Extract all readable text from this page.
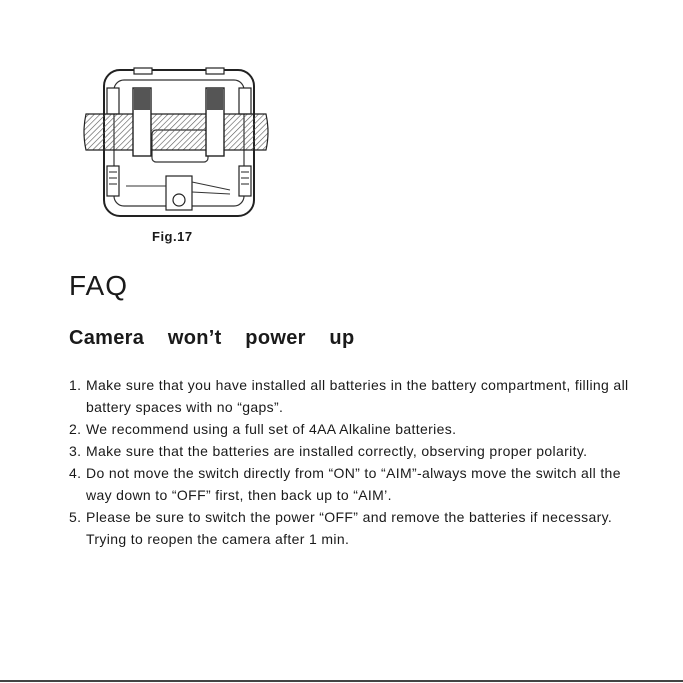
Fig.17

FAQ
Camera  won’t  power  up
1. Make sure that you have installed all batteries in the battery compartment, filling all battery spaces with no “gaps”.
2. We recommend using a full set of 4AA Alkaline batteries.
3. Make sure that the batteries are installed correctly, observing proper polarity.
4. Do not move the switch directly from “ON” to “AIM”-always move the switch all the way down to “OFF” first, then back up to “AIM’.
5. Please be sure to switch the power “OFF” and remove the batteries if necessary. Trying to reopen the camera after 1 min.
